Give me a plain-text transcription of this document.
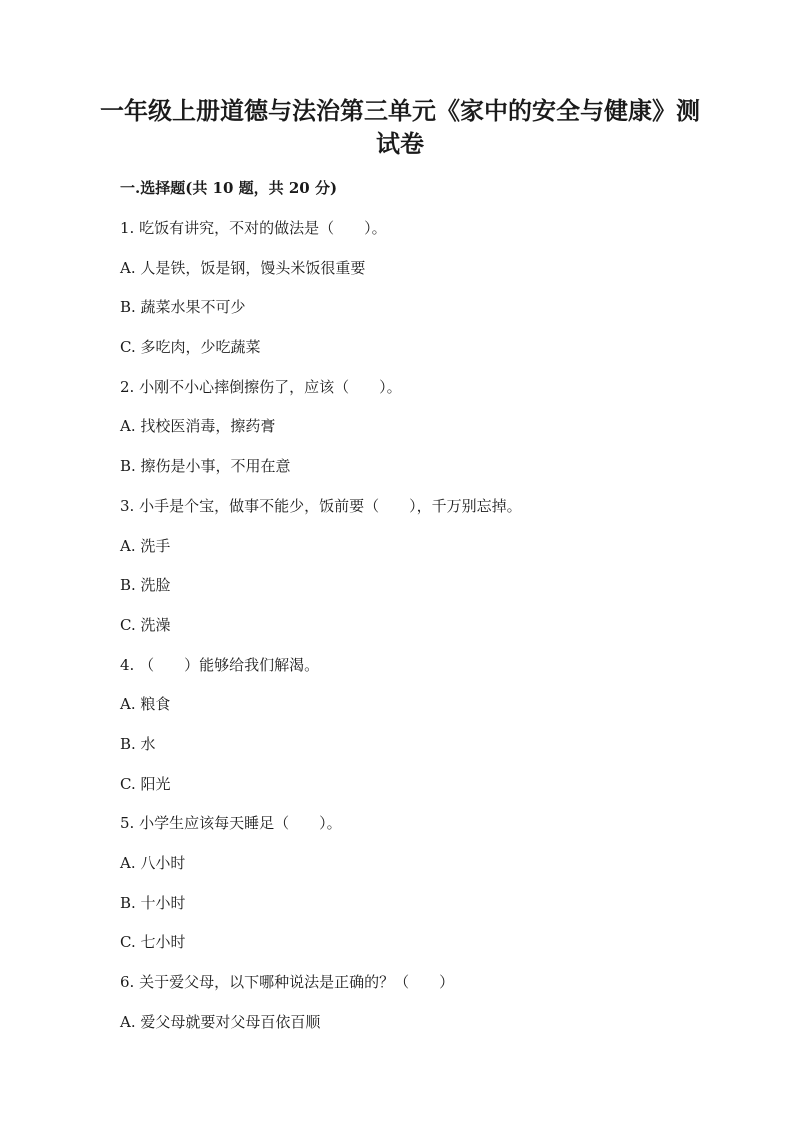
一年级上册道德与法治第三单元《家中的安全与健康》测试卷
一.选择题(共 10 题，共 20 分)
1. 吃饭有讲究，不对的做法是（　　）。
A. 人是铁，饭是钢，馒头米饭很重要
B. 蔬菜水果不可少
C. 多吃肉，少吃蔬菜
2. 小刚不小心摔倒擦伤了，应该（　　）。
A. 找校医消毒，擦药膏
B. 擦伤是小事，不用在意
3. 小手是个宝，做事不能少，饭前要（　　），千万别忘掉。
A. 洗手
B. 洗脸
C. 洗澡
4. （　　）能够给我们解渴。
A. 粮食
B. 水
C. 阳光
5. 小学生应该每天睡足（　　）。
A. 八小时
B. 十小时
C. 七小时
6. 关于爱父母，以下哪种说法是正确的？（　　）
A. 爱父母就要对父母百依百顺
